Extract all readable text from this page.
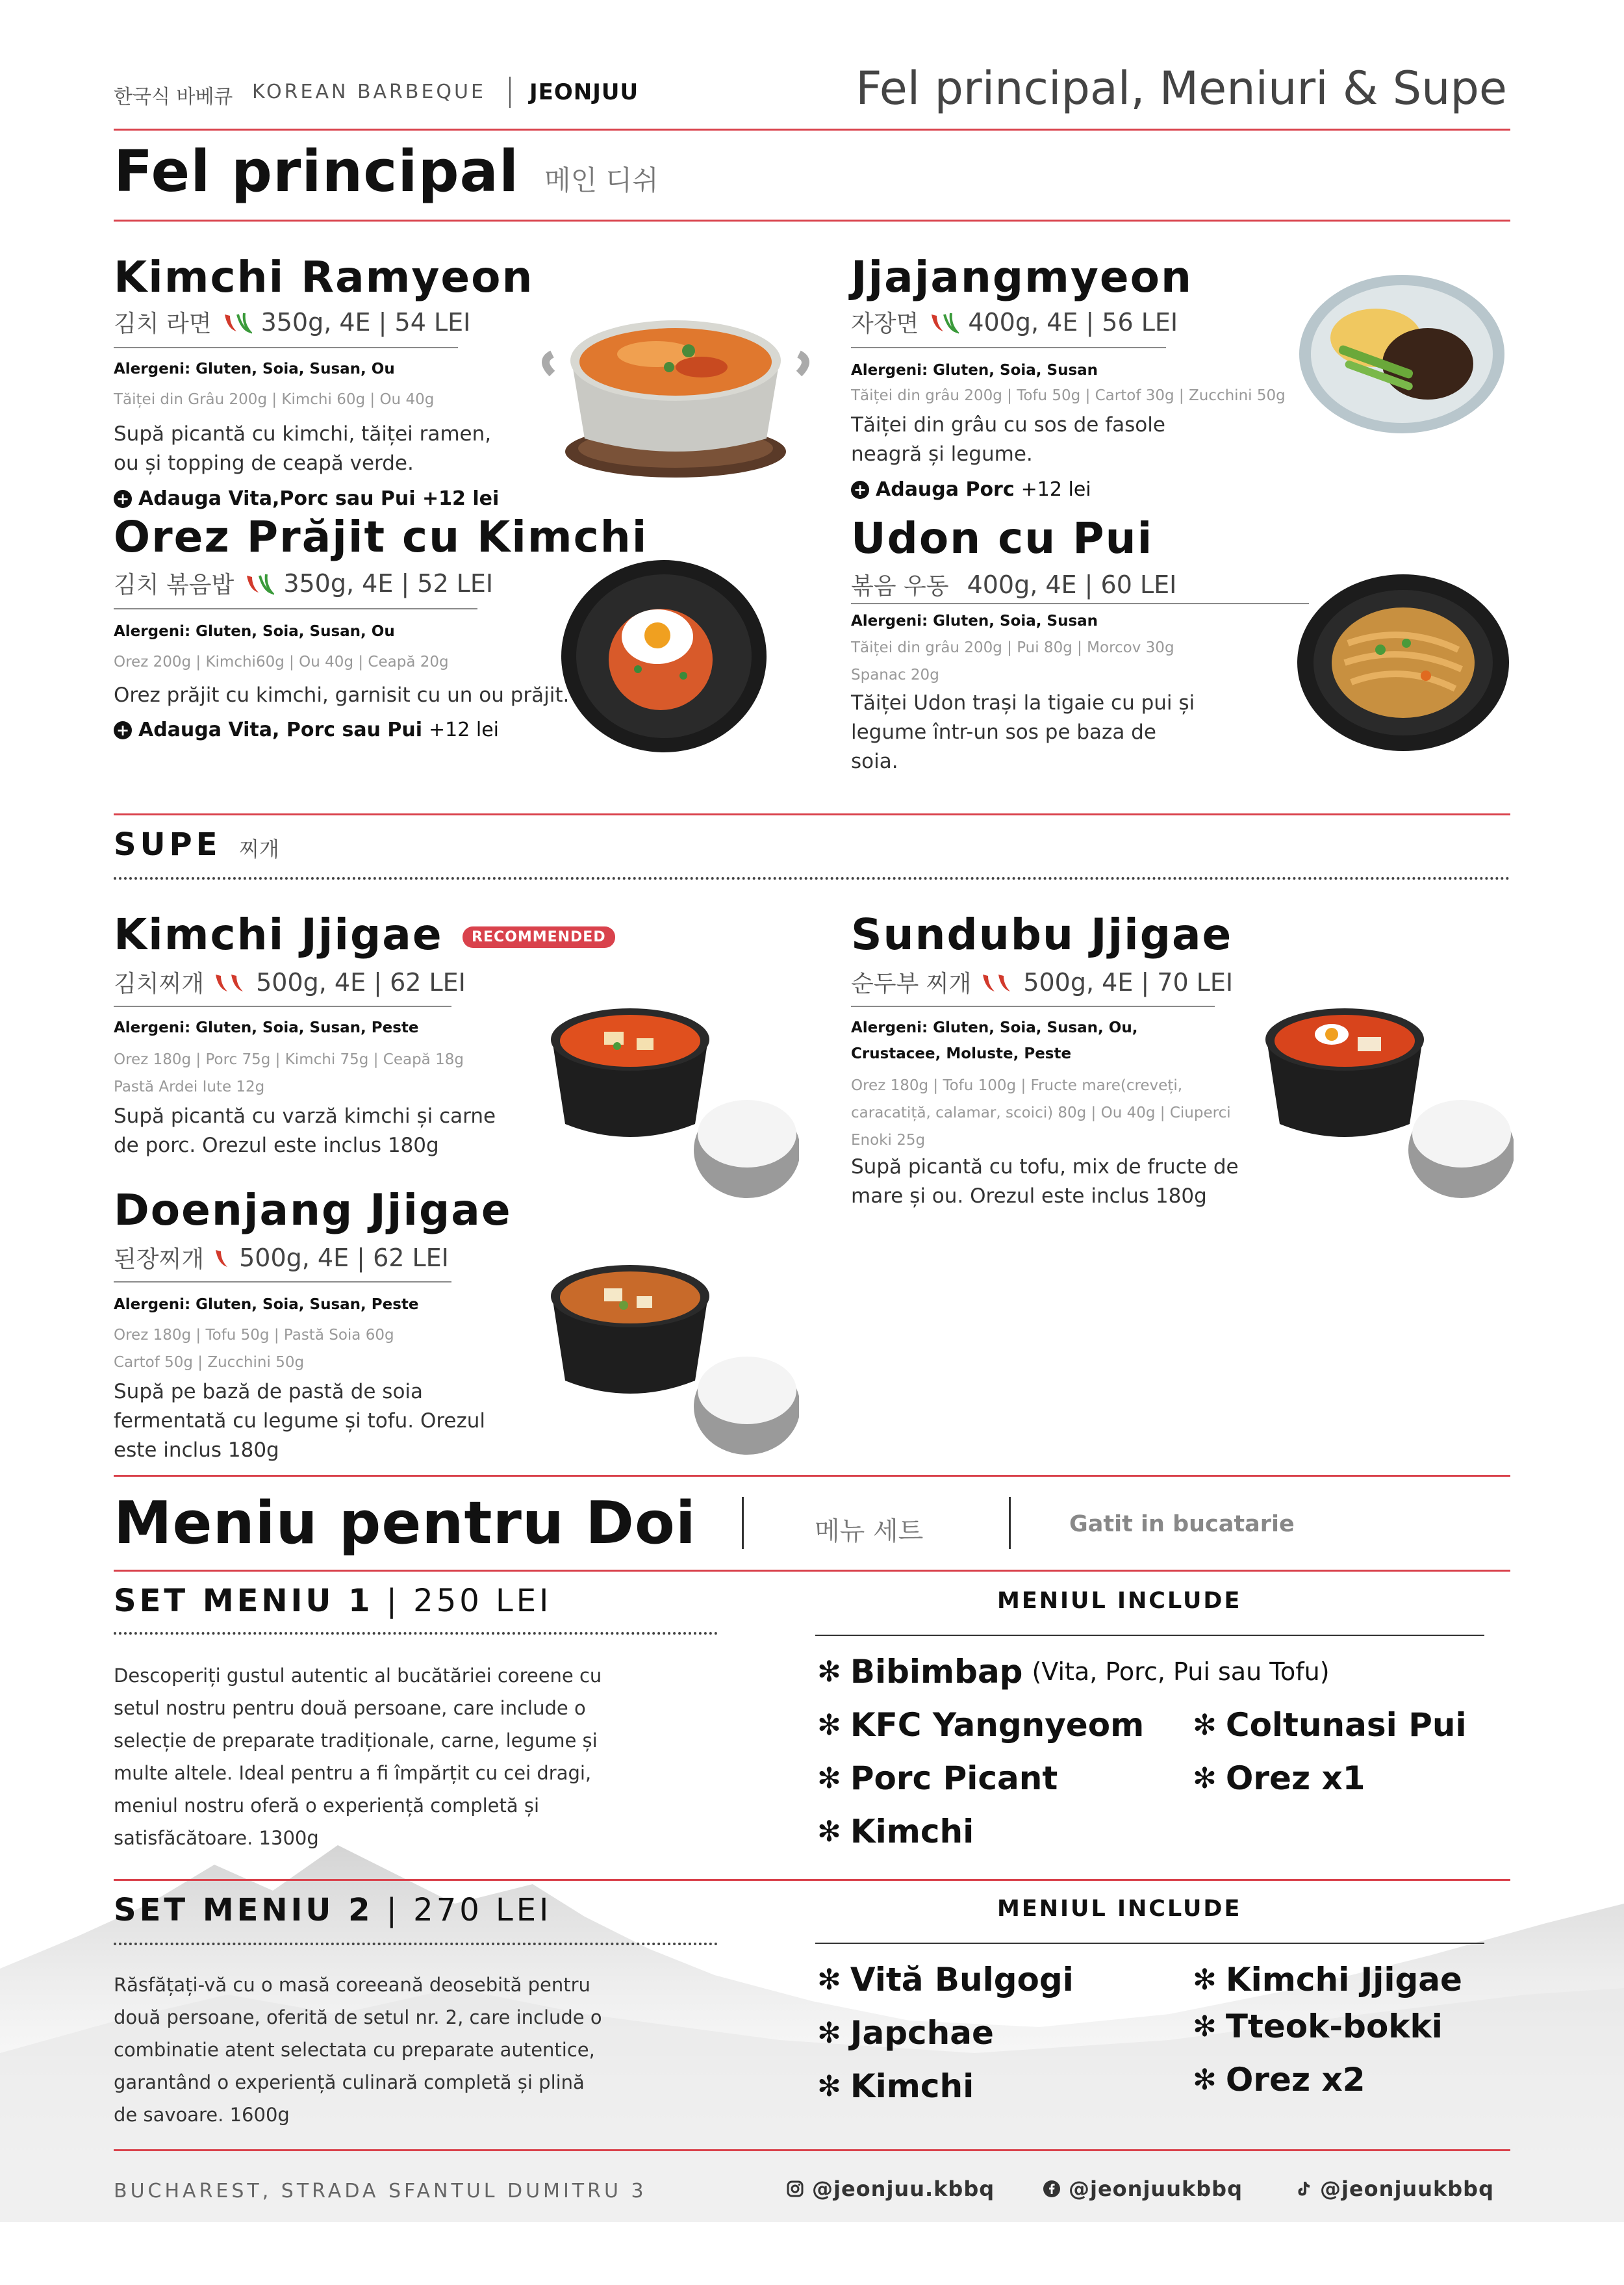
한국식 바베큐 KOREAN BARBEQUE JEONJUU	Fel principal, Meniuri & Supe
Fel principal 메인 디쉬
Kimchi Ramyeon
김치 라면 350g, 4E | 54 LEI
Alergeni: Gluten, Soia, Susan, Ou
Tăiței din Grâu 200g | Kimchi 60g | Ou 40g
Supă picantă cu kimchi, tăiței ramen,
ou și topping de ceapă verde.
+ Adauga Vita,Porc sau Pui +12 lei
Orez Prăjit cu Kimchi
김치 볶음밥 350g, 4E | 52 LEI
Alergeni: Gluten, Soia, Susan, Ou
Orez 200g | Kimchi60g | Ou 40g | Ceapă 20g
Orez prăjit cu kimchi, garnisit cu un ou prăjit.
+ Adauga Vita, Porc sau Pui +12 lei
Jjajangmyeon
자장면 400g, 4E | 56 LEI
Alergeni: Gluten, Soia, Susan
Tăiței din grâu 200g | Tofu 50g | Cartof 30g | Zucchini 50g
Tăiței din grâu cu sos de fasole
neagră și legume.
+ Adauga Porc +12 lei
Udon cu Pui
볶음 우동 400g, 4E | 60 LEI
Alergeni: Gluten, Soia, Susan
Tăiței din grâu 200g | Pui 80g | Morcov 30g
Spanac 20g
Tăiței Udon trași la tigaie cu pui și
legume într-un sos pe baza de
soia.
SUPE 찌개
Kimchi Jjigae	RECOMMENDED
김치찌개 500g, 4E | 62 LEI
Alergeni: Gluten, Soia, Susan, Peste
Orez 180g | Porc 75g | Kimchi 75g | Ceapă 18g
Pastă Ardei Iute 12g
Supă picantă cu varză kimchi și carne
de porc. Orezul este inclus 180g
Doenjang Jjigae
된장찌개 500g, 4E | 62 LEI
Alergeni: Gluten, Soia, Susan, Peste
Orez 180g | Tofu 50g | Pastă Soia 60g
Cartof 50g | Zucchini 50g
Supă pe bază de pastă de soia
fermentată cu legume și tofu. Orezul
este inclus 180g
Sundubu Jjigae
순두부 찌개 500g, 4E | 70 LEI
Alergeni: Gluten, Soia, Susan, Ou,
Crustacee, Moluste, Peste
Orez 180g | Tofu 100g | Fructe mare(creveți,
caracatiță, calamar, scoici) 80g | Ou 40g | Ciuperci
Enoki 25g
Supă picantă cu tofu, mix de fructe de
mare și ou. Orezul este inclus 180g
Meniu pentru Doi	메뉴 세트	Gatit in bucatarie
SET MENIU 1 | 250 LEI
Descoperiți gustul autentic al bucătăriei coreene cu
setul nostru pentru două persoane, care include o
selecție de preparate tradiționale, carne, legume și
multe altele. Ideal pentru a fi împărțit cu cei dragi,
meniul nostru oferă o experiență completă și
satisfăcătoare. 1300g
MENIUL INCLUDE
✻ Bibimbap (Vita, Porc, Pui sau Tofu)
✻ KFC Yangnyeom
✻ Porc Picant
✻ Kimchi
✻ Coltunasi Pui
✻ Orez x1
SET MENIU 2 | 270 LEI
Răsfățați-vă cu o masă coreeană deosebită pentru
două persoane, oferită de setul nr. 2, care include o
combinatie atent selectata cu preparate autentice,
garantând o experiență culinară completă și plină
de savoare. 1600g
MENIUL INCLUDE
✻ Vită Bulgogi
✻ Japchae
✻ Kimchi
✻ Kimchi Jjigae
✻ Tteok-bokki
✻ Orez x2
BUCHAREST, STRADA SFANTUL DUMITRU 3	@jeonjuu.kbbq	@jeonjuukbbq	@jeonjuukbbq
